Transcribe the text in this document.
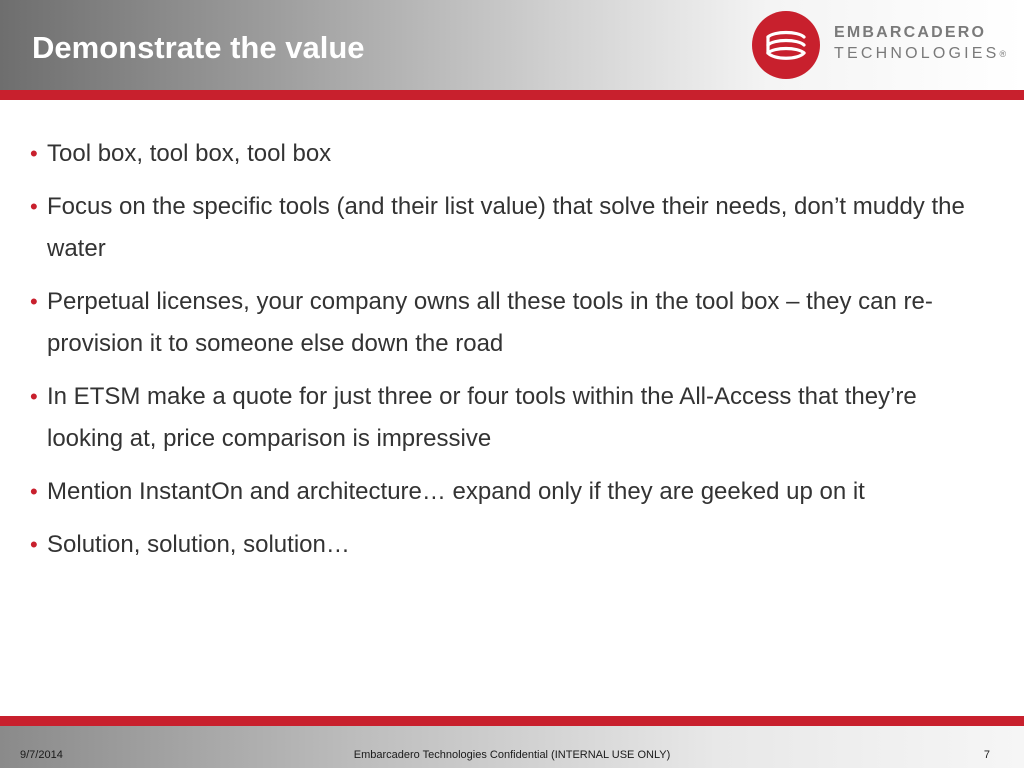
Demonstrate the value	EMBARCADERO
TECHNOLOGIES®
• Tool box, tool box, tool box
• Focus on the specific tools (and their list value) that solve their needs, don’t muddy the water
• Perpetual licenses, your company owns all these tools in the tool box – they can re-provision it to someone else down the road
• In ETSM make a quote for just three or four tools within the All-Access that they’re looking at, price comparison is impressive
• Mention InstantOn and architecture… expand only if they are geeked up on it
• Solution, solution, solution…
9/7/2014	Embarcadero Technologies Confidential (INTERNAL USE ONLY)	7
